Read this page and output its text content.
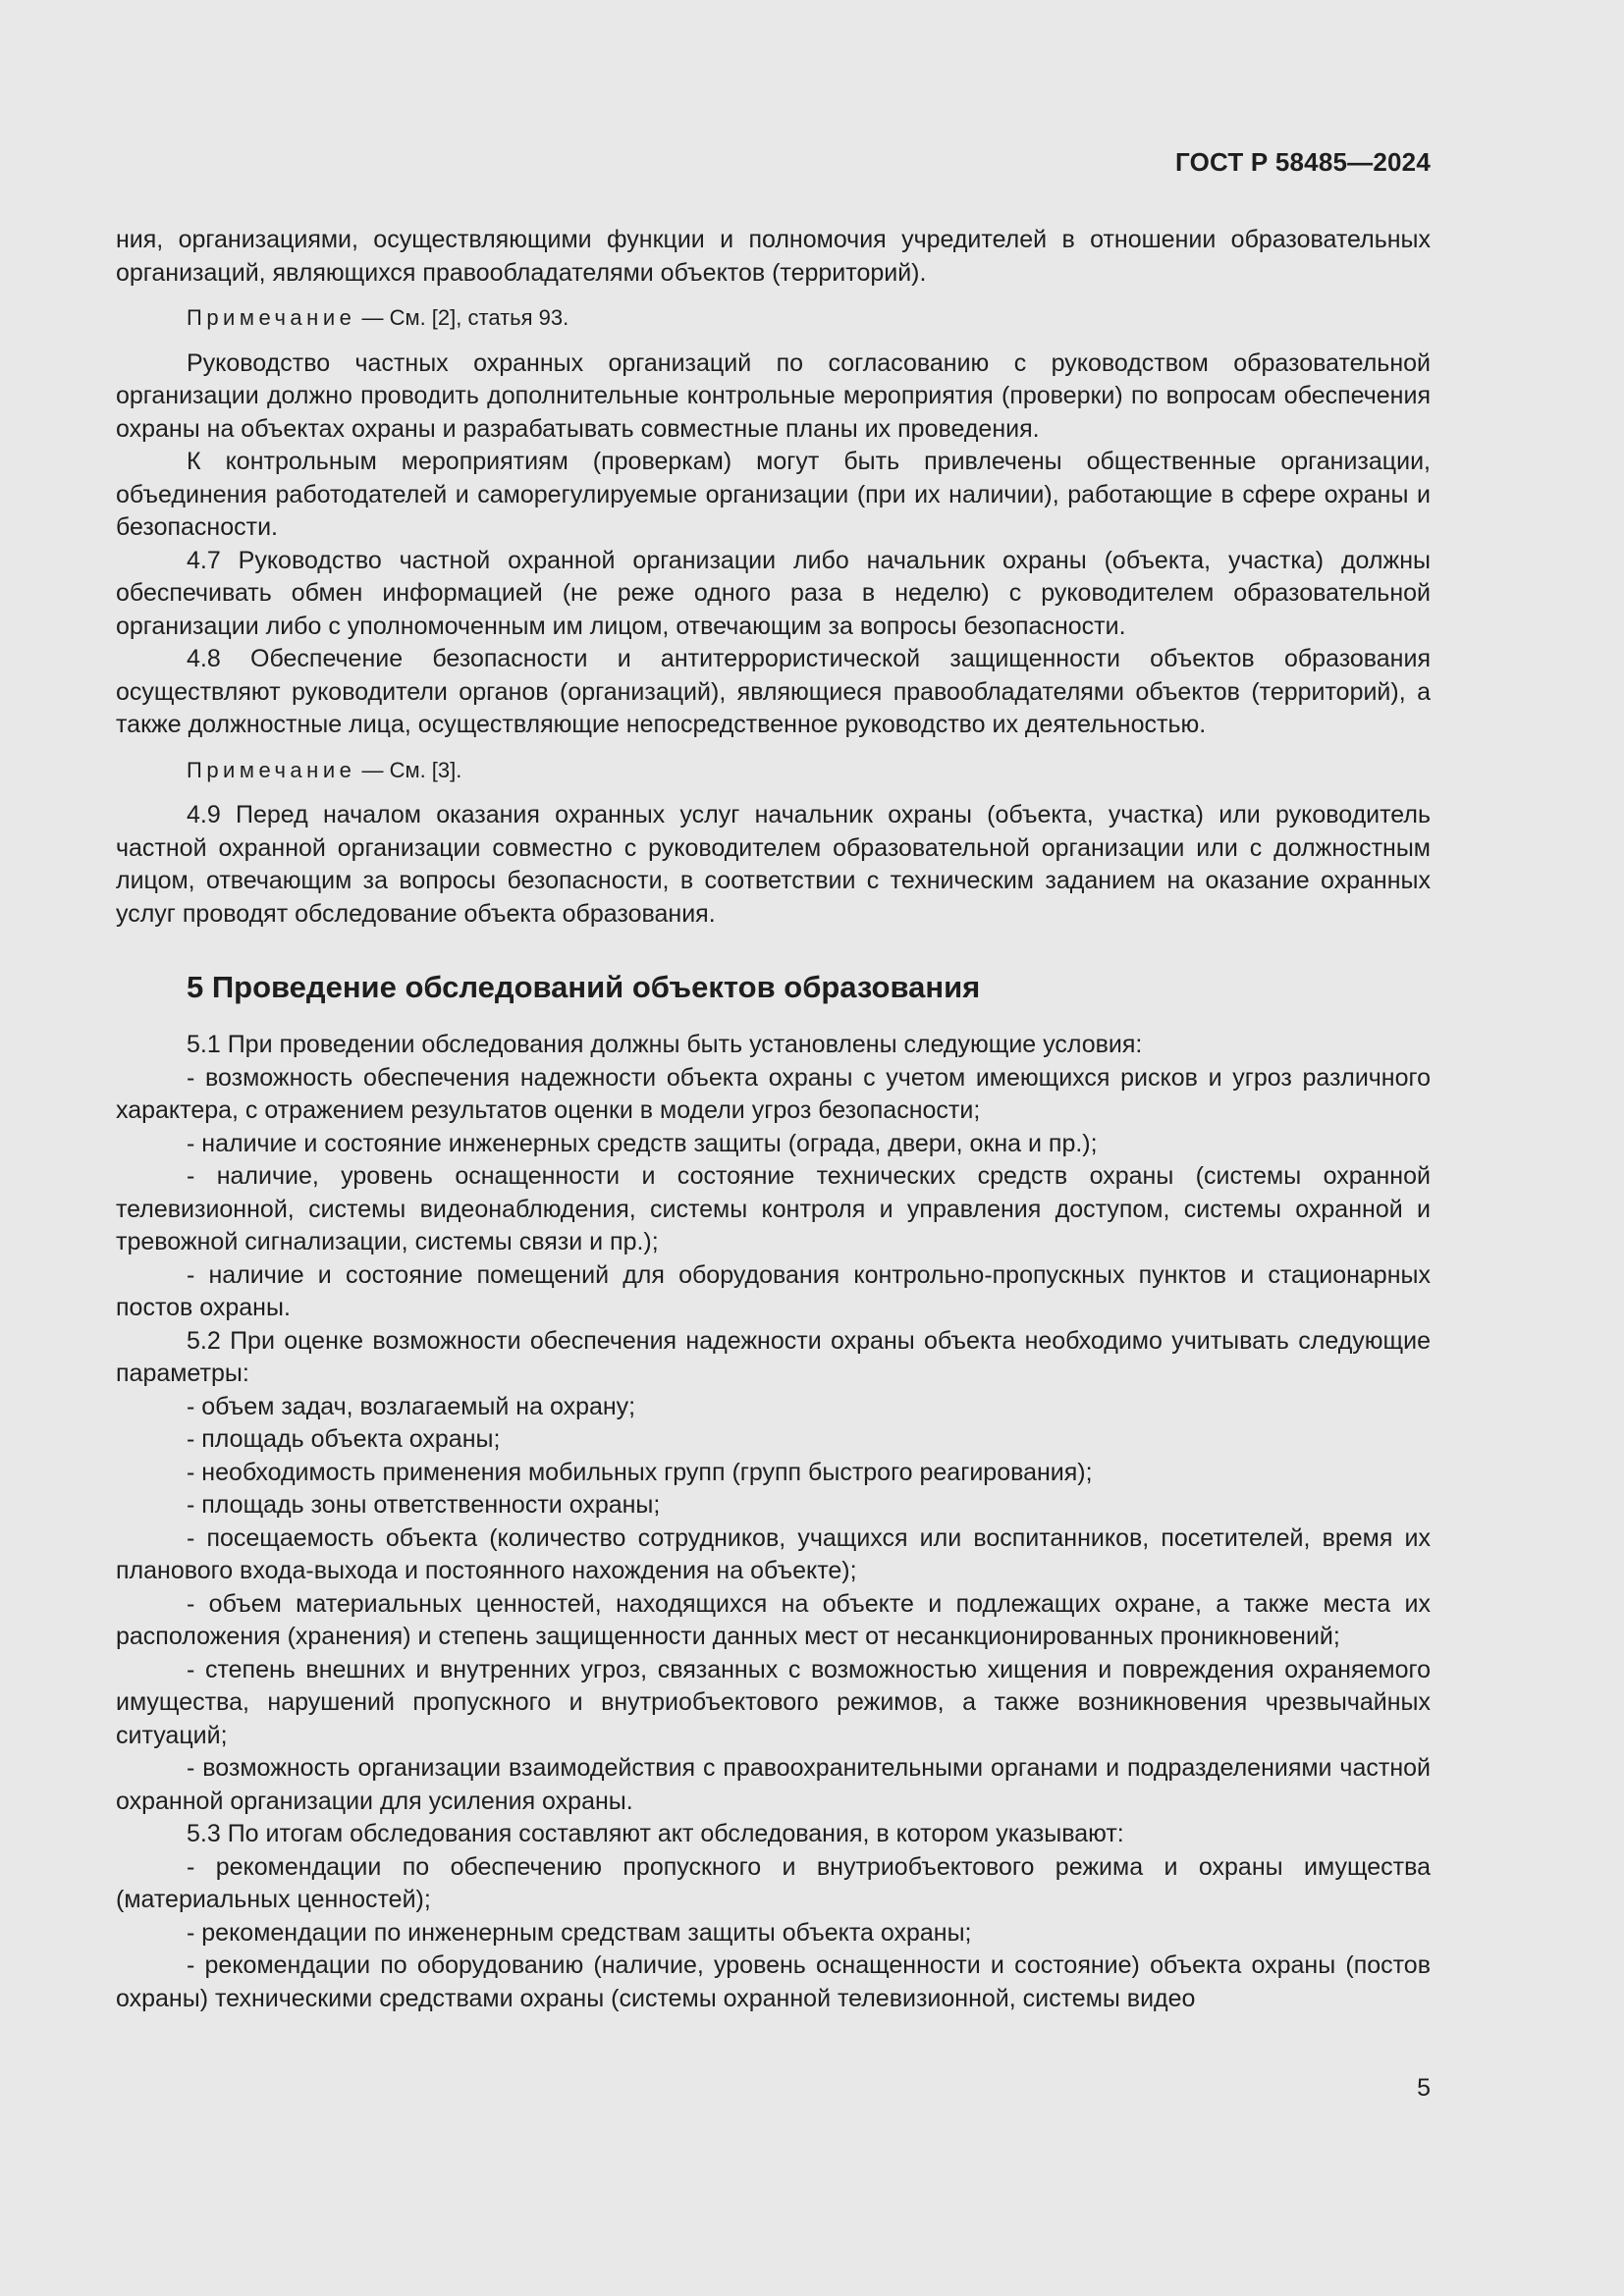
ГОСТ Р 58485—2024

ния, организациями, осуществляющими функции и полномочия учредителей в отношении образовательных организаций, являющихся правообладателями объектов (территорий).

Примечание — См. [2], статья 93.

Руководство частных охранных организаций по согласованию с руководством образовательной организации должно проводить дополнительные контрольные мероприятия (проверки) по вопросам обеспечения охраны на объектах охраны и разрабатывать совместные планы их проведения.

К контрольным мероприятиям (проверкам) могут быть привлечены общественные организации, объединения работодателей и саморегулируемые организации (при их наличии), работающие в сфере охраны и безопасности.

4.7 Руководство частной охранной организации либо начальник охраны (объекта, участка) должны обеспечивать обмен информацией (не реже одного раза в неделю) с руководителем образовательной организации либо с уполномоченным им лицом, отвечающим за вопросы безопасности.

4.8 Обеспечение безопасности и антитеррористической защищенности объектов образования осуществляют руководители органов (организаций), являющиеся правообладателями объектов (территорий), а также должностные лица, осуществляющие непосредственное руководство их деятельностью.

Примечание — См. [3].

4.9 Перед началом оказания охранных услуг начальник охраны (объекта, участка) или руководитель частной охранной организации совместно с руководителем образовательной организации или с должностным лицом, отвечающим за вопросы безопасности, в соответствии с техническим заданием на оказание охранных услуг проводят обследование объекта образования.

5 Проведение обследований объектов образования

5.1 При проведении обследования должны быть установлены следующие условия:

- возможность обеспечения надежности объекта охраны с учетом имеющихся рисков и угроз различного характера, с отражением результатов оценки в модели угроз безопасности;

- наличие и состояние инженерных средств защиты (ограда, двери, окна и пр.);

- наличие, уровень оснащенности и состояние технических средств охраны (системы охранной телевизионной, системы видеонаблюдения, системы контроля и управления доступом, системы охранной и тревожной сигнализации, системы связи и пр.);

- наличие и состояние помещений для оборудования контрольно-пропускных пунктов и стационарных постов охраны.

5.2 При оценке возможности обеспечения надежности охраны объекта необходимо учитывать следующие параметры:

- объем задач, возлагаемый на охрану;

- площадь объекта охраны;

- необходимость применения мобильных групп (групп быстрого реагирования);

- площадь зоны ответственности охраны;

- посещаемость объекта (количество сотрудников, учащихся или воспитанников, посетителей, время их планового входа-выхода и постоянного нахождения на объекте);

- объем материальных ценностей, находящихся на объекте и подлежащих охране, а также места их расположения (хранения) и степень защищенности данных мест от несанкционированных проникновений;

- степень внешних и внутренних угроз, связанных с возможностью хищения и повреждения охраняемого имущества, нарушений пропускного и внутриобъектового режимов, а также возникновения чрезвычайных ситуаций;

- возможность организации взаимодействия с правоохранительными органами и подразделениями частной охранной организации для усиления охраны.

5.3 По итогам обследования составляют акт обследования, в котором указывают:

- рекомендации по обеспечению пропускного и внутриобъектового режима и охраны имущества (материальных ценностей);

- рекомендации по инженерным средствам защиты объекта охраны;

- рекомендации по оборудованию (наличие, уровень оснащенности и состояние) объекта охраны (постов охраны) техническими средствами охраны (системы охранной телевизионной, системы видео

5
